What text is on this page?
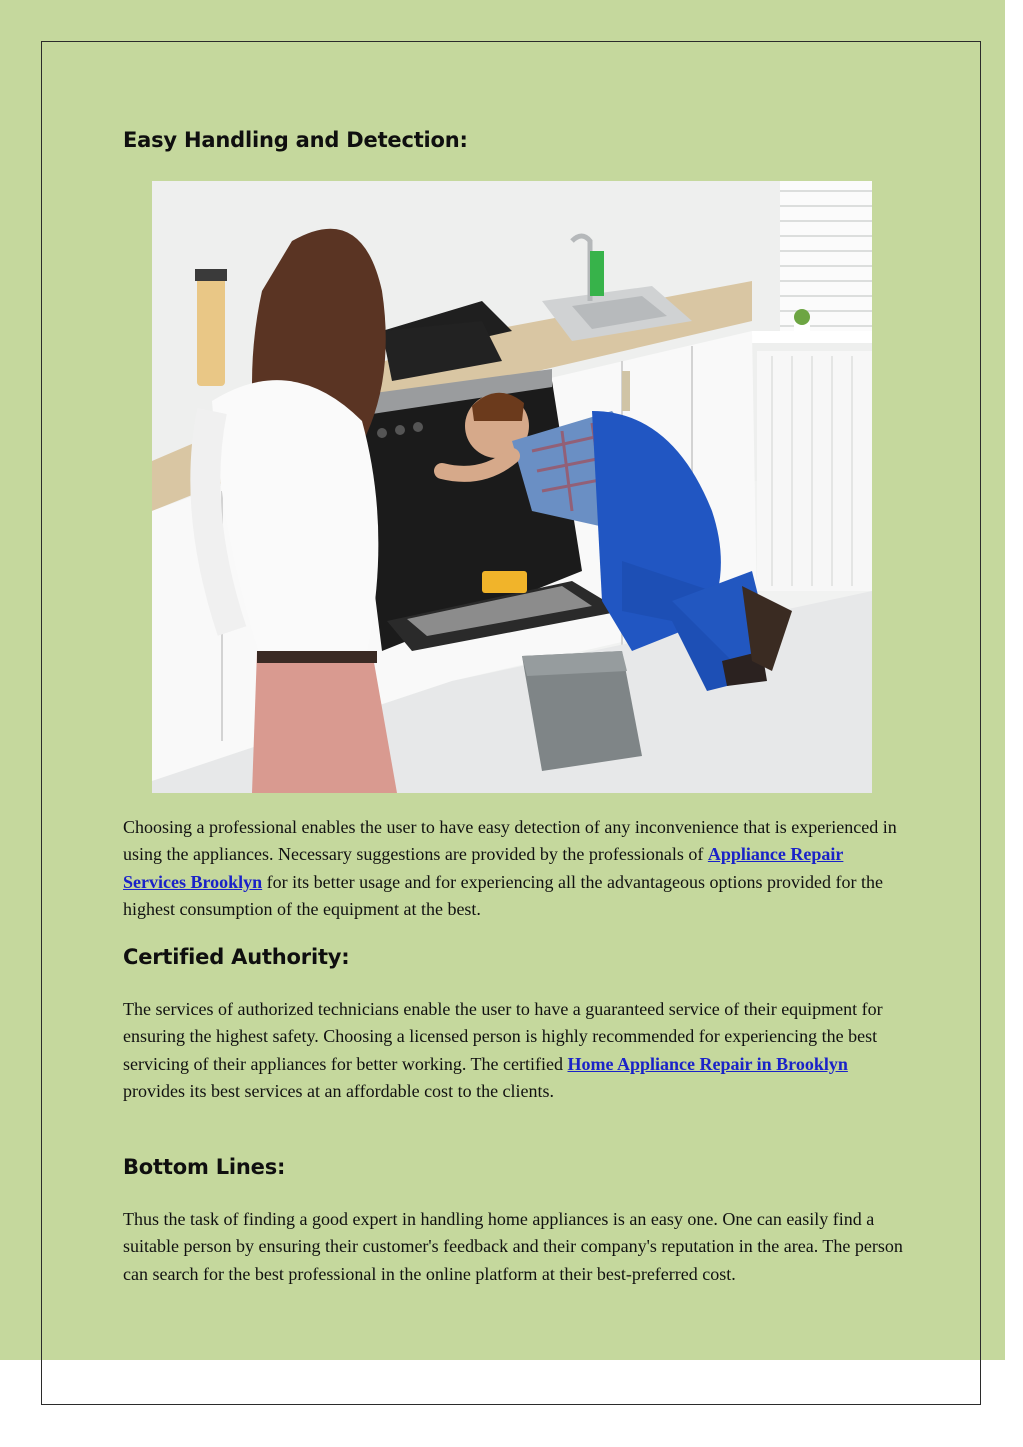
Easy Handling and Detection:

Choosing a professional enables the user to have easy detection of any inconvenience that is experienced in using the appliances. Necessary suggestions are provided by the professionals of Appliance Repair Services Brooklyn for its better usage and for experiencing all the advantageous options provided for the highest consumption of the equipment at the best.

Certified Authority:

The services of authorized technicians enable the user to have a guaranteed service of their equipment for ensuring the highest safety. Choosing a licensed person is highly recommended for experiencing the best servicing of their appliances for better working. The certified Home Appliance Repair in Brooklyn provides its best services at an affordable cost to the clients.

Bottom Lines:

Thus the task of finding a good expert in handling home appliances is an easy one. One can easily find a suitable person by ensuring their customer's feedback and their company's reputation in the area. The person can search for the best professional in the online platform at their best-preferred cost.
